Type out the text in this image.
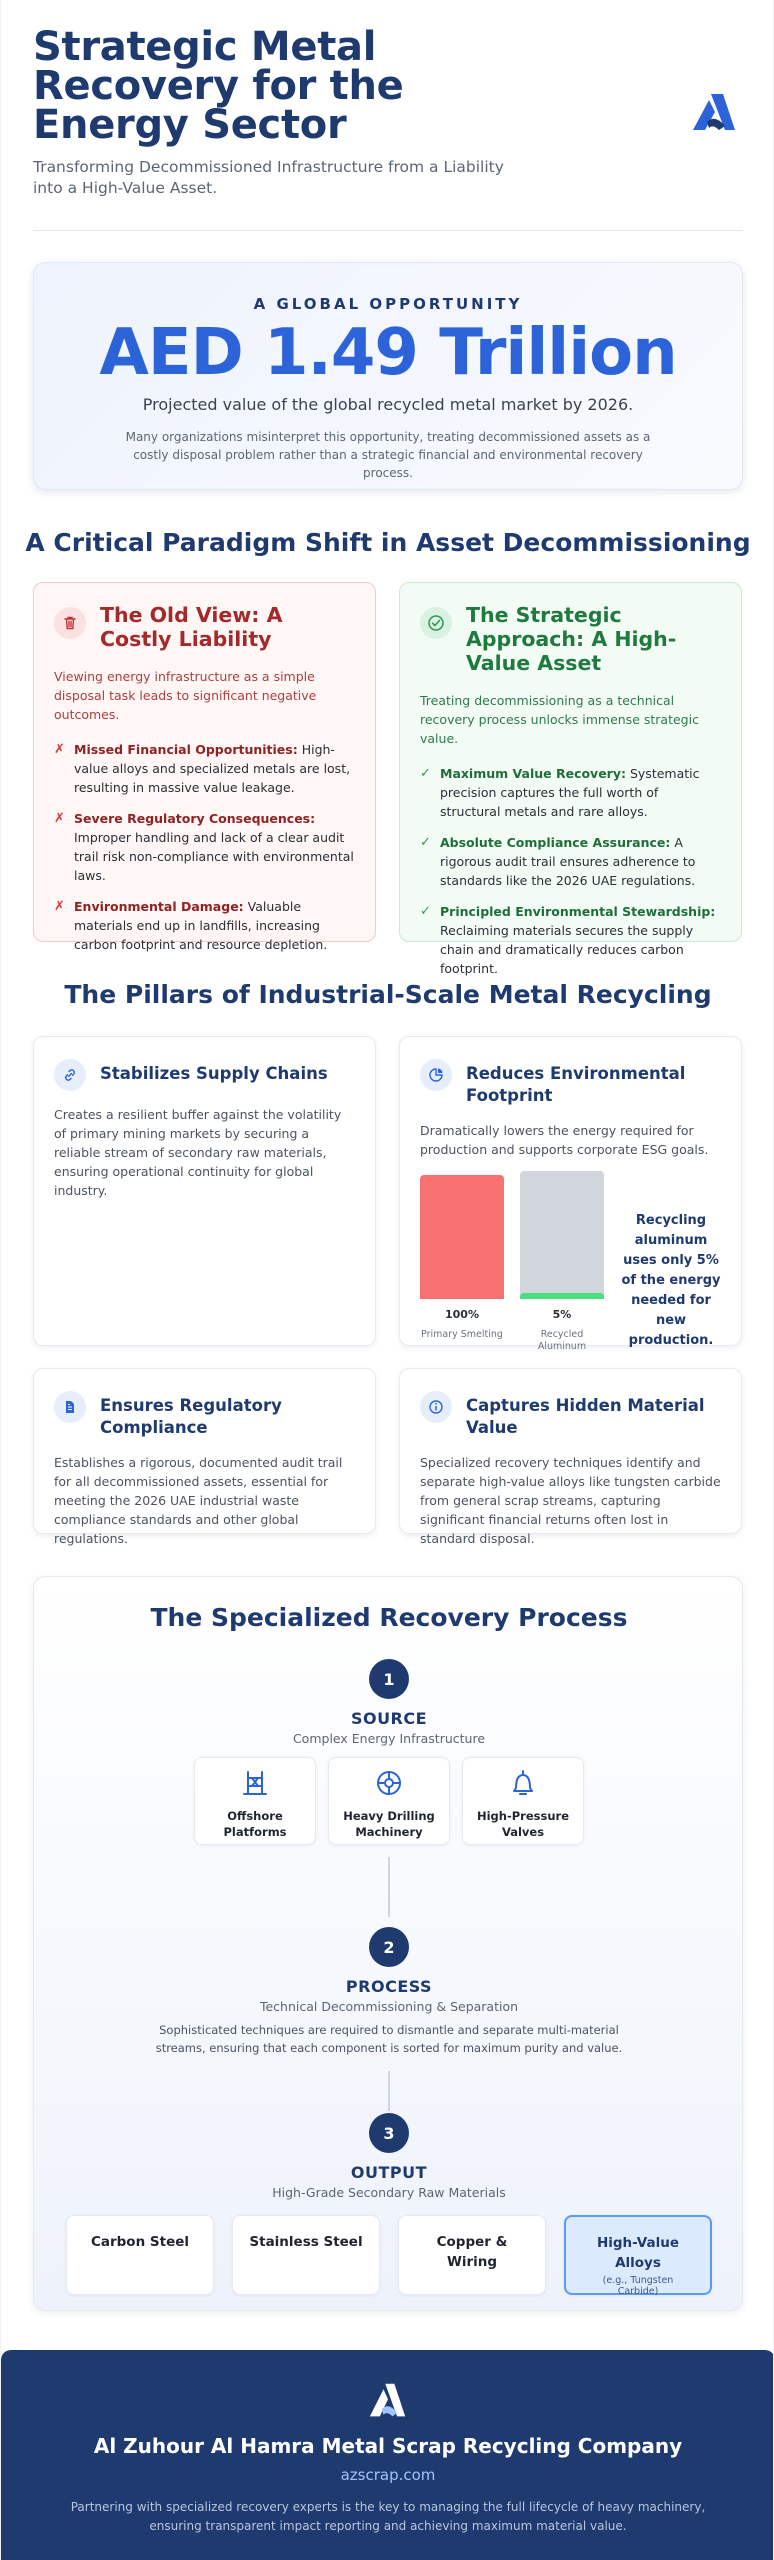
Strategic Metal Recovery for the Energy Sector

Transforming Decommissioned Infrastructure from a Liability into a High-Value Asset.

A GLOBAL OPPORTUNITY
AED 1.49 Trillion
Projected value of the global recycled metal market by 2026.
Many organizations misinterpret this opportunity, treating decommissioned assets as a costly disposal problem rather than a strategic financial and environmental recovery process.
A Critical Paradigm Shift in Asset Decommissioning
The Old View: A Costly Liability

Viewing energy infrastructure as a simple disposal task leads to significant negative outcomes.

✗ Missed Financial Opportunities: High-value alloys and specialized metals are lost, resulting in massive value leakage.
✗ Severe Regulatory Consequences: Improper handling and lack of a clear audit trail risk non-compliance with environmental laws.
✗ Environmental Damage: Valuable materials end up in landfills, increasing carbon footprint and resource depletion.
The Strategic Approach: A High-Value Asset

Treating decommissioning as a technical recovery process unlocks immense strategic value.

✓ Maximum Value Recovery: Systematic precision captures the full worth of structural metals and rare alloys.
✓ Absolute Compliance Assurance: A rigorous audit trail ensures adherence to standards like the 2026 UAE regulations.
✓ Principled Environmental Stewardship: Reclaiming materials secures the supply chain and dramatically reduces carbon footprint.
The Pillars of Industrial-Scale Metal Recycling
Stabilizes Supply Chains

Creates a resilient buffer against the volatility of primary mining markets by securing a reliable stream of secondary raw materials, ensuring operational continuity for global industry.

Reduces Environmental Footprint

Dramatically lowers the energy required for production and supports corporate ESG goals.

100%
Primary Smelting
5%
Recycled Aluminum
Recycling aluminum uses only 5% of the energy needed for new production.
Ensures Regulatory Compliance

Establishes a rigorous, documented audit trail for all decommissioned assets, essential for meeting the 2026 UAE industrial waste compliance standards and other global regulations.

Captures Hidden Material Value

Specialized recovery techniques identify and separate high-value alloys like tungsten carbide from general scrap streams, capturing significant financial returns often lost in standard disposal.

The Specialized Recovery Process
1
SOURCE
Complex Energy Infrastructure
Offshore Platforms
Heavy Drilling Machinery
High-Pressure Valves
2
PROCESS
Technical Decommissioning & Separation
Sophisticated techniques are required to dismantle and separate multi-material streams, ensuring that each component is sorted for maximum purity and value.
3
OUTPUT
High-Grade Secondary Raw Materials
Carbon Steel	Stainless Steel	Copper & Wiring
High-Value Alloys
(e.g., Tungsten Carbide)
Al Zuhour Al Hamra Metal Scrap Recycling Company
azscrap.com
Partnering with specialized recovery experts is the key to managing the full lifecycle of heavy machinery, ensuring transparent impact reporting and achieving maximum material value.
